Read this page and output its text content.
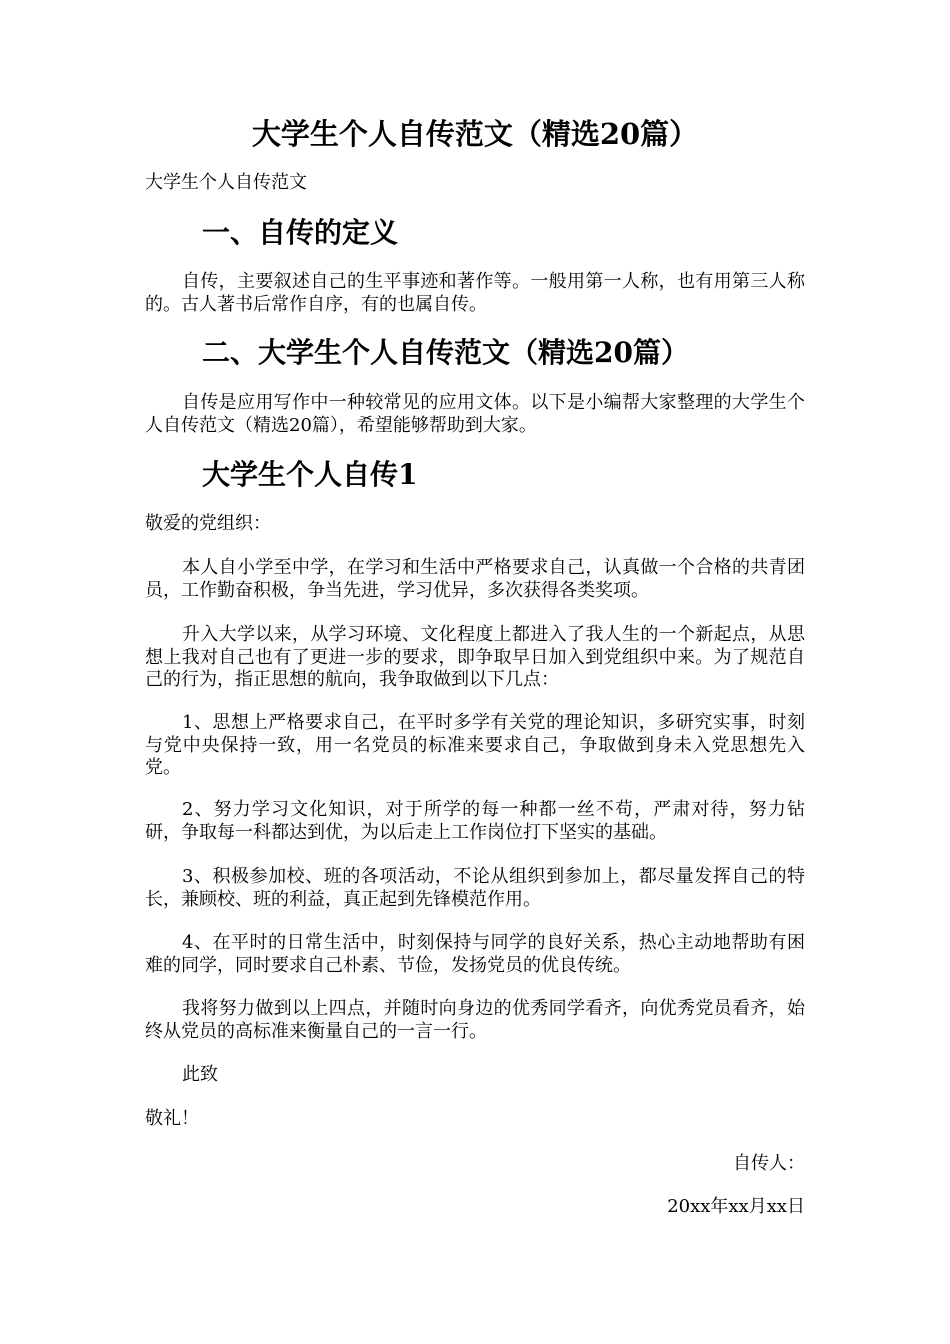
大学生个人自传范文（精选20篇）
大学生个人自传范文
一、自传的定义
自传，主要叙述自己的生平事迹和著作等。一般用第一人称，也有用第三人称的。古人著书后常作自序，有的也属自传。
二、大学生个人自传范文（精选20篇）
自传是应用写作中一种较常见的应用文体。以下是小编帮大家整理的大学生个人自传范文（精选20篇），希望能够帮助到大家。
大学生个人自传1
敬爱的党组织：
本人自小学至中学，在学习和生活中严格要求自己，认真做一个合格的共青团员，工作勤奋积极，争当先进，学习优异，多次获得各类奖项。
升入大学以来，从学习环境、文化程度上都进入了我人生的一个新起点，从思想上我对自己也有了更进一步的要求，即争取早日加入到党组织中来。为了规范自己的行为，指正思想的航向，我争取做到以下几点：
1、思想上严格要求自己，在平时多学有关党的理论知识，多研究实事，时刻与党中央保持一致，用一名党员的标准来要求自己，争取做到身未入党思想先入党。
2、努力学习文化知识，对于所学的每一种都一丝不苟，严肃对待，努力钻研，争取每一科都达到优，为以后走上工作岗位打下坚实的基础。
3、积极参加校、班的各项活动，不论从组织到参加上，都尽量发挥自己的特长，兼顾校、班的利益，真正起到先锋模范作用。
4、在平时的日常生活中，时刻保持与同学的良好关系，热心主动地帮助有困难的同学，同时要求自己朴素、节俭，发扬党员的优良传统。
我将努力做到以上四点，并随时向身边的优秀同学看齐，向优秀党员看齐，始终从党员的高标准来衡量自己的一言一行。
此致
敬礼！
自传人：
20xx年xx月xx日
